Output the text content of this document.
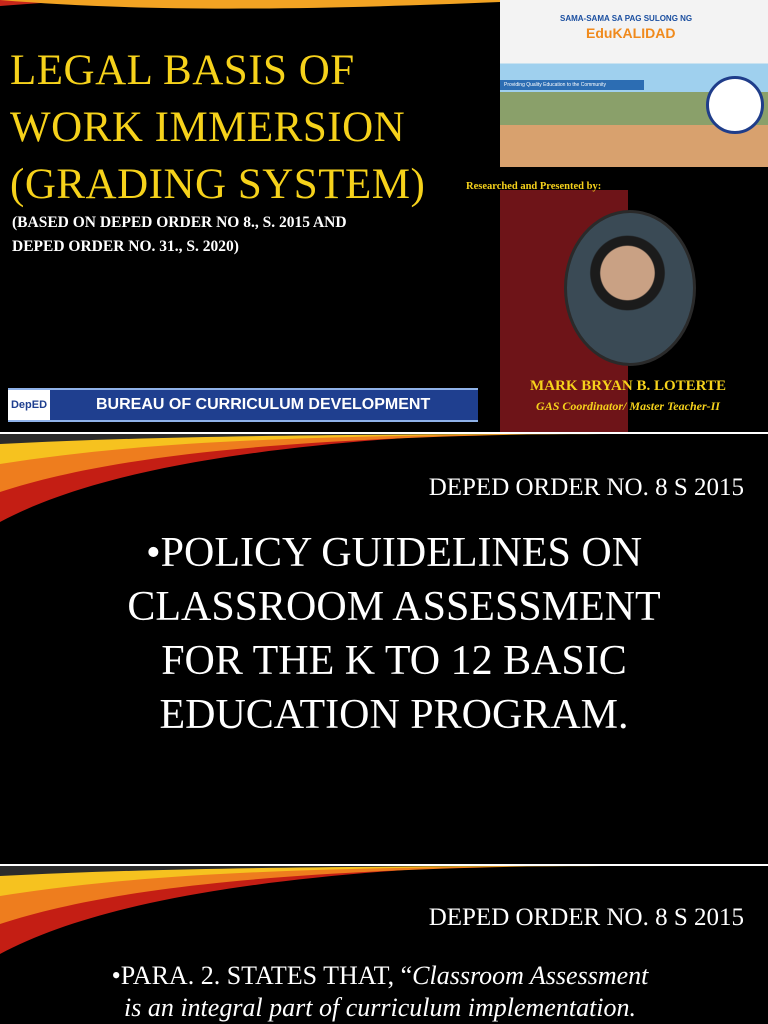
LEGAL BASIS OF
WORK IMMERSION
(GRADING SYSTEM)
(BASED ON DEPED ORDER NO 8., S. 2015 AND
DEPED ORDER NO. 31., S. 2020)
SAMA-SAMA SA PAG SULONG NG
EduKALIDAD
Providing Quality Education to the Community
Researched and Presented by:
MARK BRYAN B. LOTERTE
GAS Coordinator/ Master Teacher-II
DepED	BUREAU OF CURRICULUM DEVELOPMENT
DEPED ORDER NO. 8 S 2015
•POLICY GUIDELINES ON
CLASSROOM ASSESSMENT
FOR THE K TO 12 BASIC
EDUCATION PROGRAM.
DEPED ORDER NO. 8 S 2015
•PARA. 2. STATES THAT, “Classroom Assessment
is an integral part of curriculum implementation.
